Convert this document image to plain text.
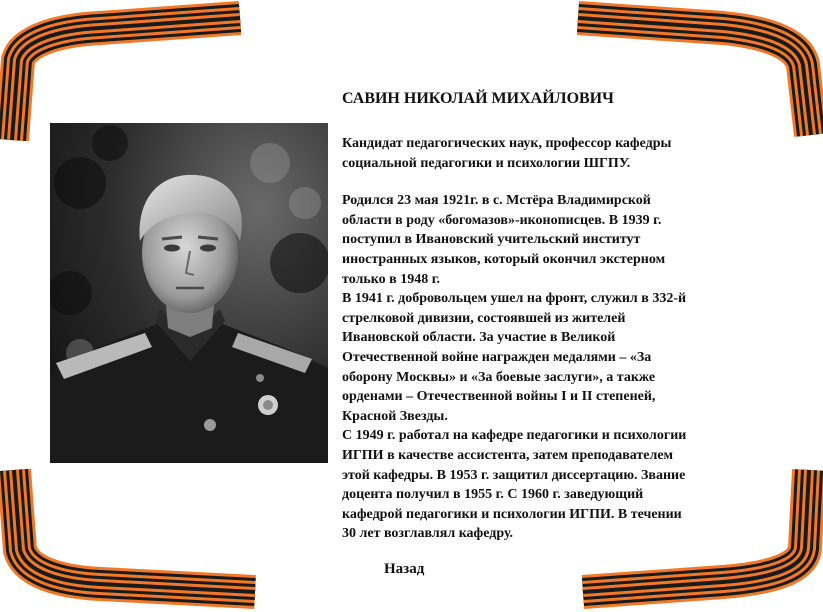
САВИН НИКОЛАЙ МИХАЙЛОВИЧ

Кандидат педагогических наук, профессор кафедры
социальной педагогики и психологии ШГПУ.

Родился 23 мая 1921г. в с. Мстёра Владимирской
области в роду «богомазов»-иконописцев. В 1939 г.
поступил в Ивановский учительский институт
иностранных языков, который окончил экстерном
только в 1948 г.
В 1941 г. добровольцем ушел на фронт, служил в 332-й
стрелковой дивизии, состоявшей из жителей
Ивановской области. За участие в Великой
Отечественной войне награжден медалями – «За
оборону Москвы» и «За боевые заслуги», а также
орденами – Отечественной войны I и II степеней,
Красной Звезды.
С 1949 г. работал на кафедре педагогики и психологии
ИГПИ в качестве ассистента, затем преподавателем
этой кафедры. В 1953 г. защитил диссертацию. Звание
доцента получил в 1955 г. С 1960 г. заведующий
кафедрой педагогики и психологии ИГПИ. В течении
30 лет возглавлял кафедру.

Назад
